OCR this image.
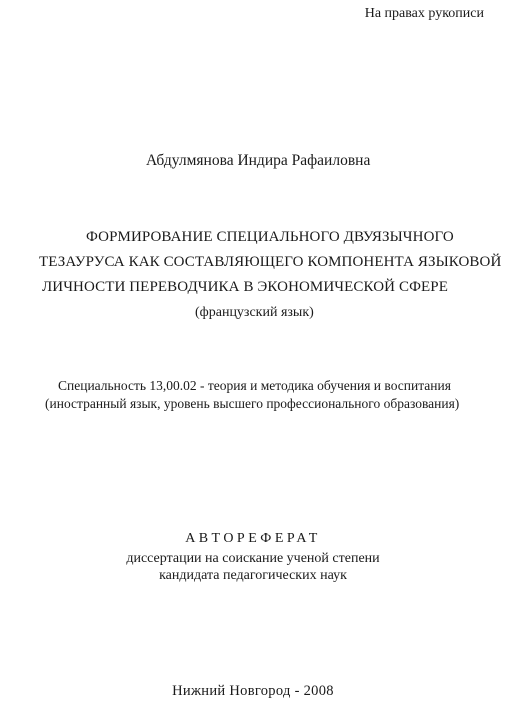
На правах рукописи
Абдулмянова Индира Рафаиловна
ФОРМИРОВАНИЕ СПЕЦИАЛЬНОГО ДВУЯЗЫЧНОГО
ТЕЗАУРУСА КАК СОСТАВЛЯЮЩЕГО КОМПОНЕНТА ЯЗЫКОВОЙ
ЛИЧНОСТИ ПЕРЕВОДЧИКА В ЭКОНОМИЧЕСКОЙ СФЕРЕ
(французский язык)
Специальность 13,00.02 - теория и методика обучения и воспитания
(иностранный язык, уровень высшего профессионального образования)
АВТОРЕФЕРАТ
диссертации на соискание ученой степени
кандидата педагогических наук
Нижний Новгород - 2008
